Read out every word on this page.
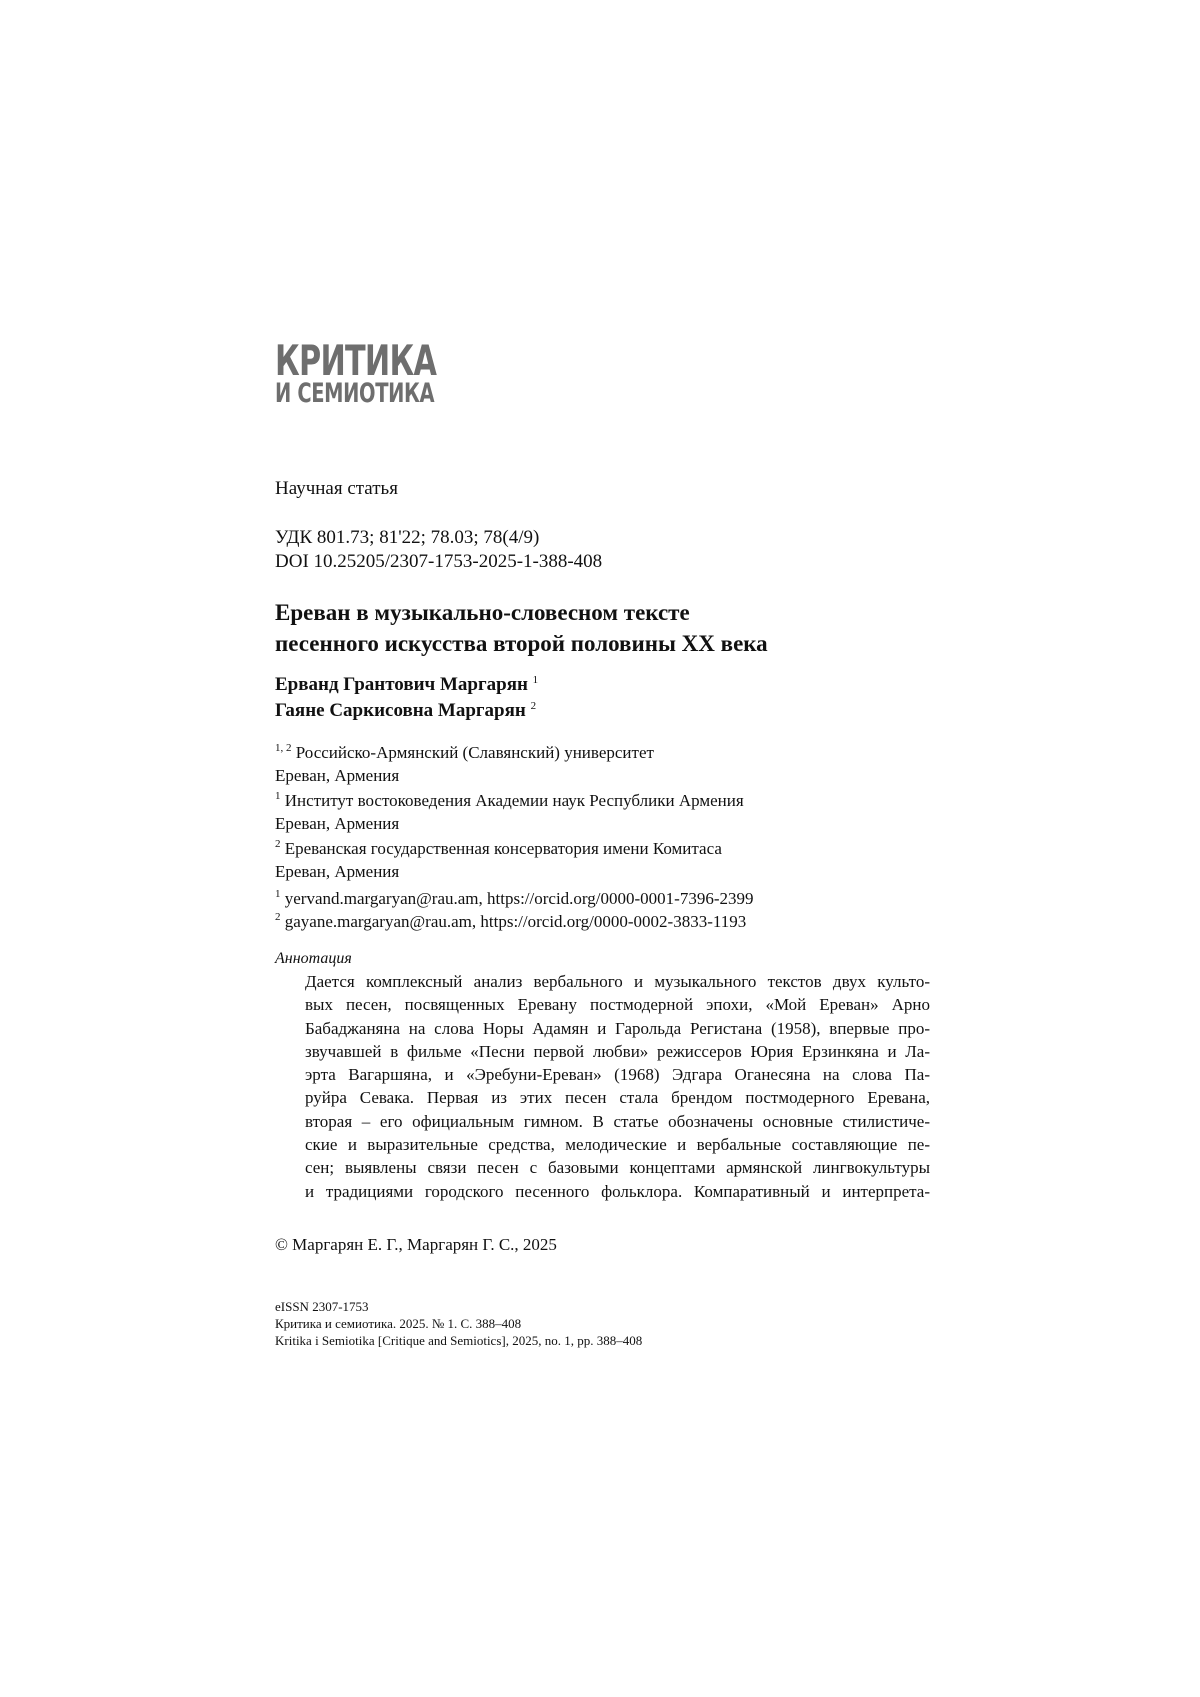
КРИТИКА
И СЕМИОТИКА
Научная статья
УДК 801.73; 81'22; 78.03; 78(4/9)
DOI 10.25205/2307-1753-2025-1-388-408
Ереван в музыкально-словесном тексте
песенного искусства второй половины XX века
Ерванд Грантович Маргарян 1
Гаяне Саркисовна Маргарян 2
1, 2 Российско-Армянский (Славянский) университет
Ереван, Армения
1 Институт востоковедения Академии наук Республики Армения
Ереван, Армения
2 Ереванская государственная консерватория имени Комитаса
Ереван, Армения
1 yervand.margaryan@rau.am, https://orcid.org/0000-0001-7396-2399
2 gayane.margaryan@rau.am, https://orcid.org/0000-0002-3833-1193
Аннотация
Дается комплексный анализ вербального и музыкального текстов двух культо-
вых песен, посвященных Еревану постмодерной эпохи, «Мой Ереван» Арно
Бабаджаняна на слова Норы Адамян и Гарольда Регистана (1958), впервые про-
звучавшей в фильме «Песни первой любви» режиссеров Юрия Ерзинкяна и Ла-
эрта Вагаршяна, и «Эребуни-Ереван» (1968) Эдгара Оганесяна на слова Па-
руйра Севака. Первая из этих песен стала брендом постмодерного Еревана,
вторая – его официальным гимном. В статье обозначены основные стилистиче-
ские и выразительные средства, мелодические и вербальные составляющие пе-
сен; выявлены связи песен с базовыми концептами армянской лингвокультуры
и традициями городского песенного фольклора. Компаративный и интерпрета-
© Маргарян Е. Г., Маргарян Г. С., 2025
eISSN 2307-1753
Критика и семиотика. 2025. № 1. С. 388–408
Kritika i Semiotika [Critique and Semiotics], 2025, no. 1, pp. 388–408
